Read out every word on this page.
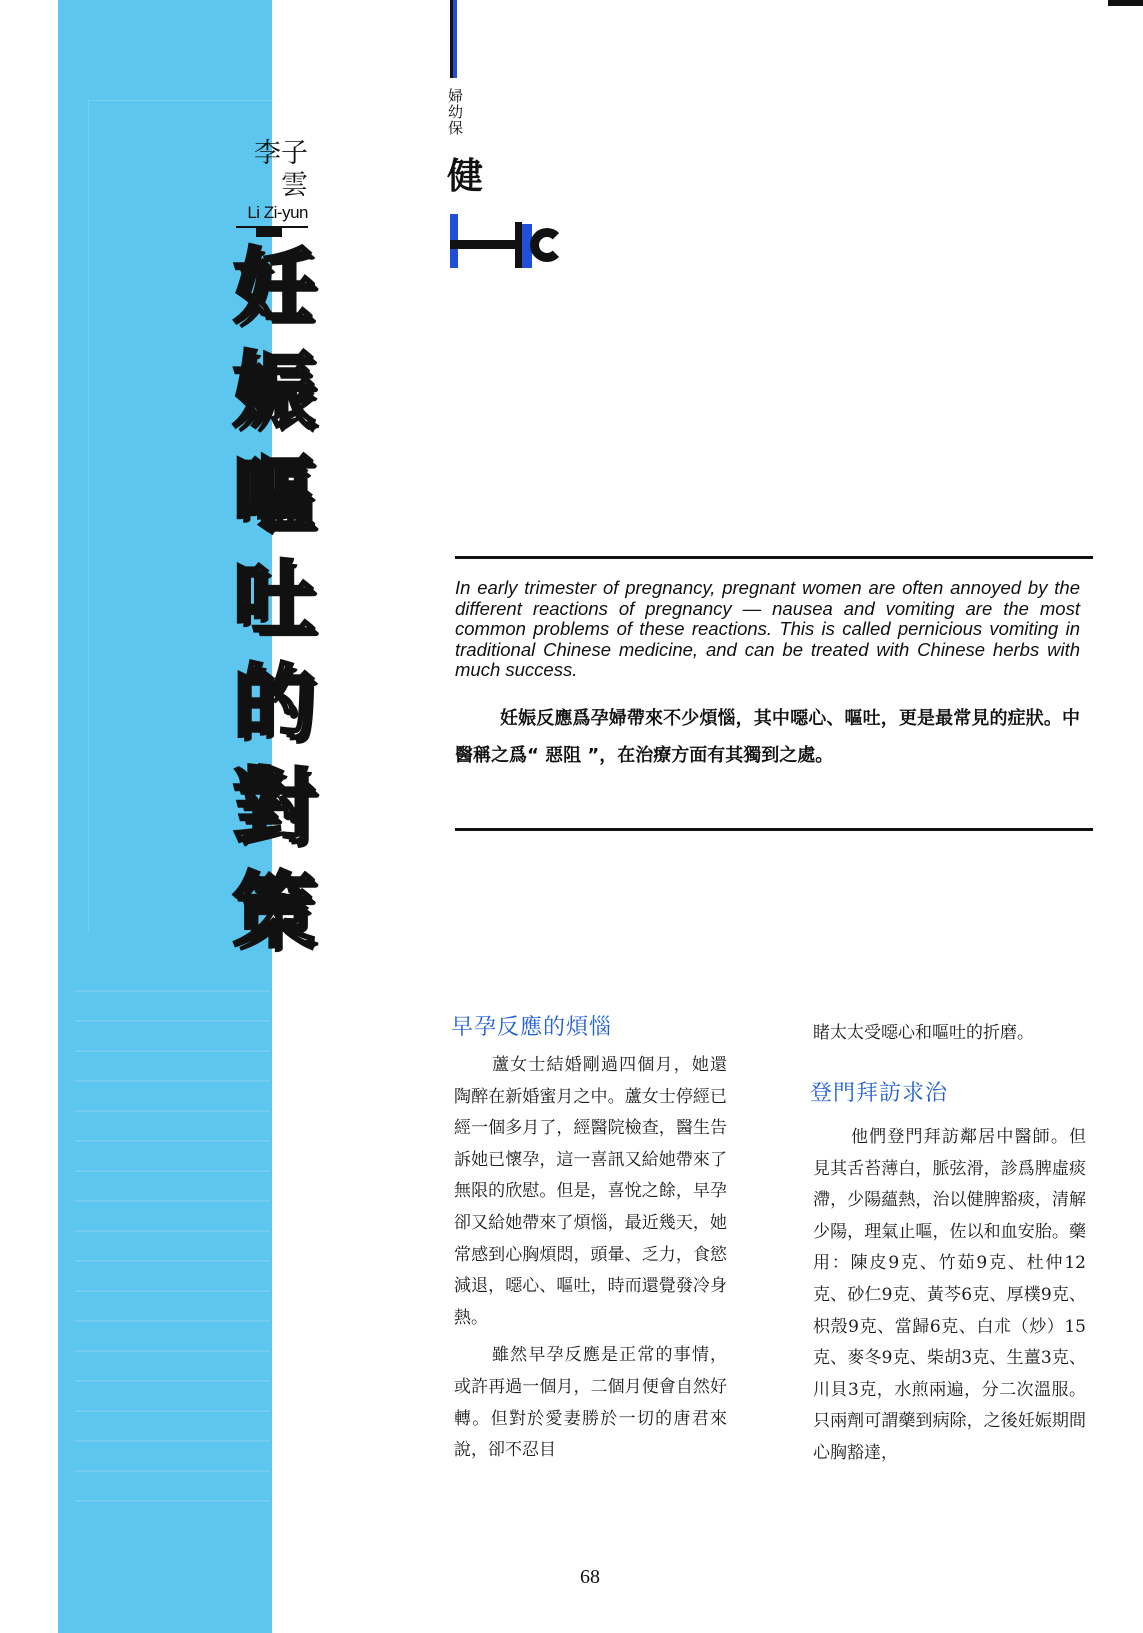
李子雲
Li Zi-yun
妊
娠
嘔
吐
的
對
策
婦幼保
健
In early trimester of pregnancy, pregnant women are often annoyed by the different reactions of pregnancy — nausea and vomiting are the most common problems of these reactions. This is called pernicious vomiting in traditional Chinese medicine, and can be treated with Chinese herbs with much success.
妊娠反應爲孕婦帶來不少煩惱，其中噁心、嘔吐，更是最常見的症狀。中醫稱之爲“ 惡阻 ”，在治療方面有其獨到之處。
早孕反應的煩惱

蘆女士結婚剛過四個月，她還陶醉在新婚蜜月之中。蘆女士停經已經一個多月了，經醫院檢查，醫生告訴她已懷孕，這一喜訊又給她帶來了無限的欣慰。但是，喜悅之餘，早孕卻又給她帶來了煩惱，最近幾天，她常感到心胸煩悶，頭暈、乏力，食慾減退，噁心、嘔吐，時而還覺發冷身熱。

雖然早孕反應是正常的事情，或許再過一個月，二個月便會自然好轉。但對於愛妻勝於一切的唐君來說，卻不忍目

睹太太受噁心和嘔吐的折磨。

登門拜訪求治

他們登門拜訪鄰居中醫師。但見其舌苔薄白，脈弦滑，診爲脾虛痰滯，少陽蘊熱，治以健脾豁痰，清解少陽，理氣止嘔，佐以和血安胎。藥用：陳皮9克、竹茹9克、杜仲12克、砂仁9克、黃芩6克、厚樸9克、枳殼9克、當歸6克、白朮（炒）15克、麥冬9克、柴胡3克、生薑3克、川貝3克，水煎兩遍，分二次溫服。只兩劑可謂藥到病除，之後妊娠期間心胸豁達，

68
